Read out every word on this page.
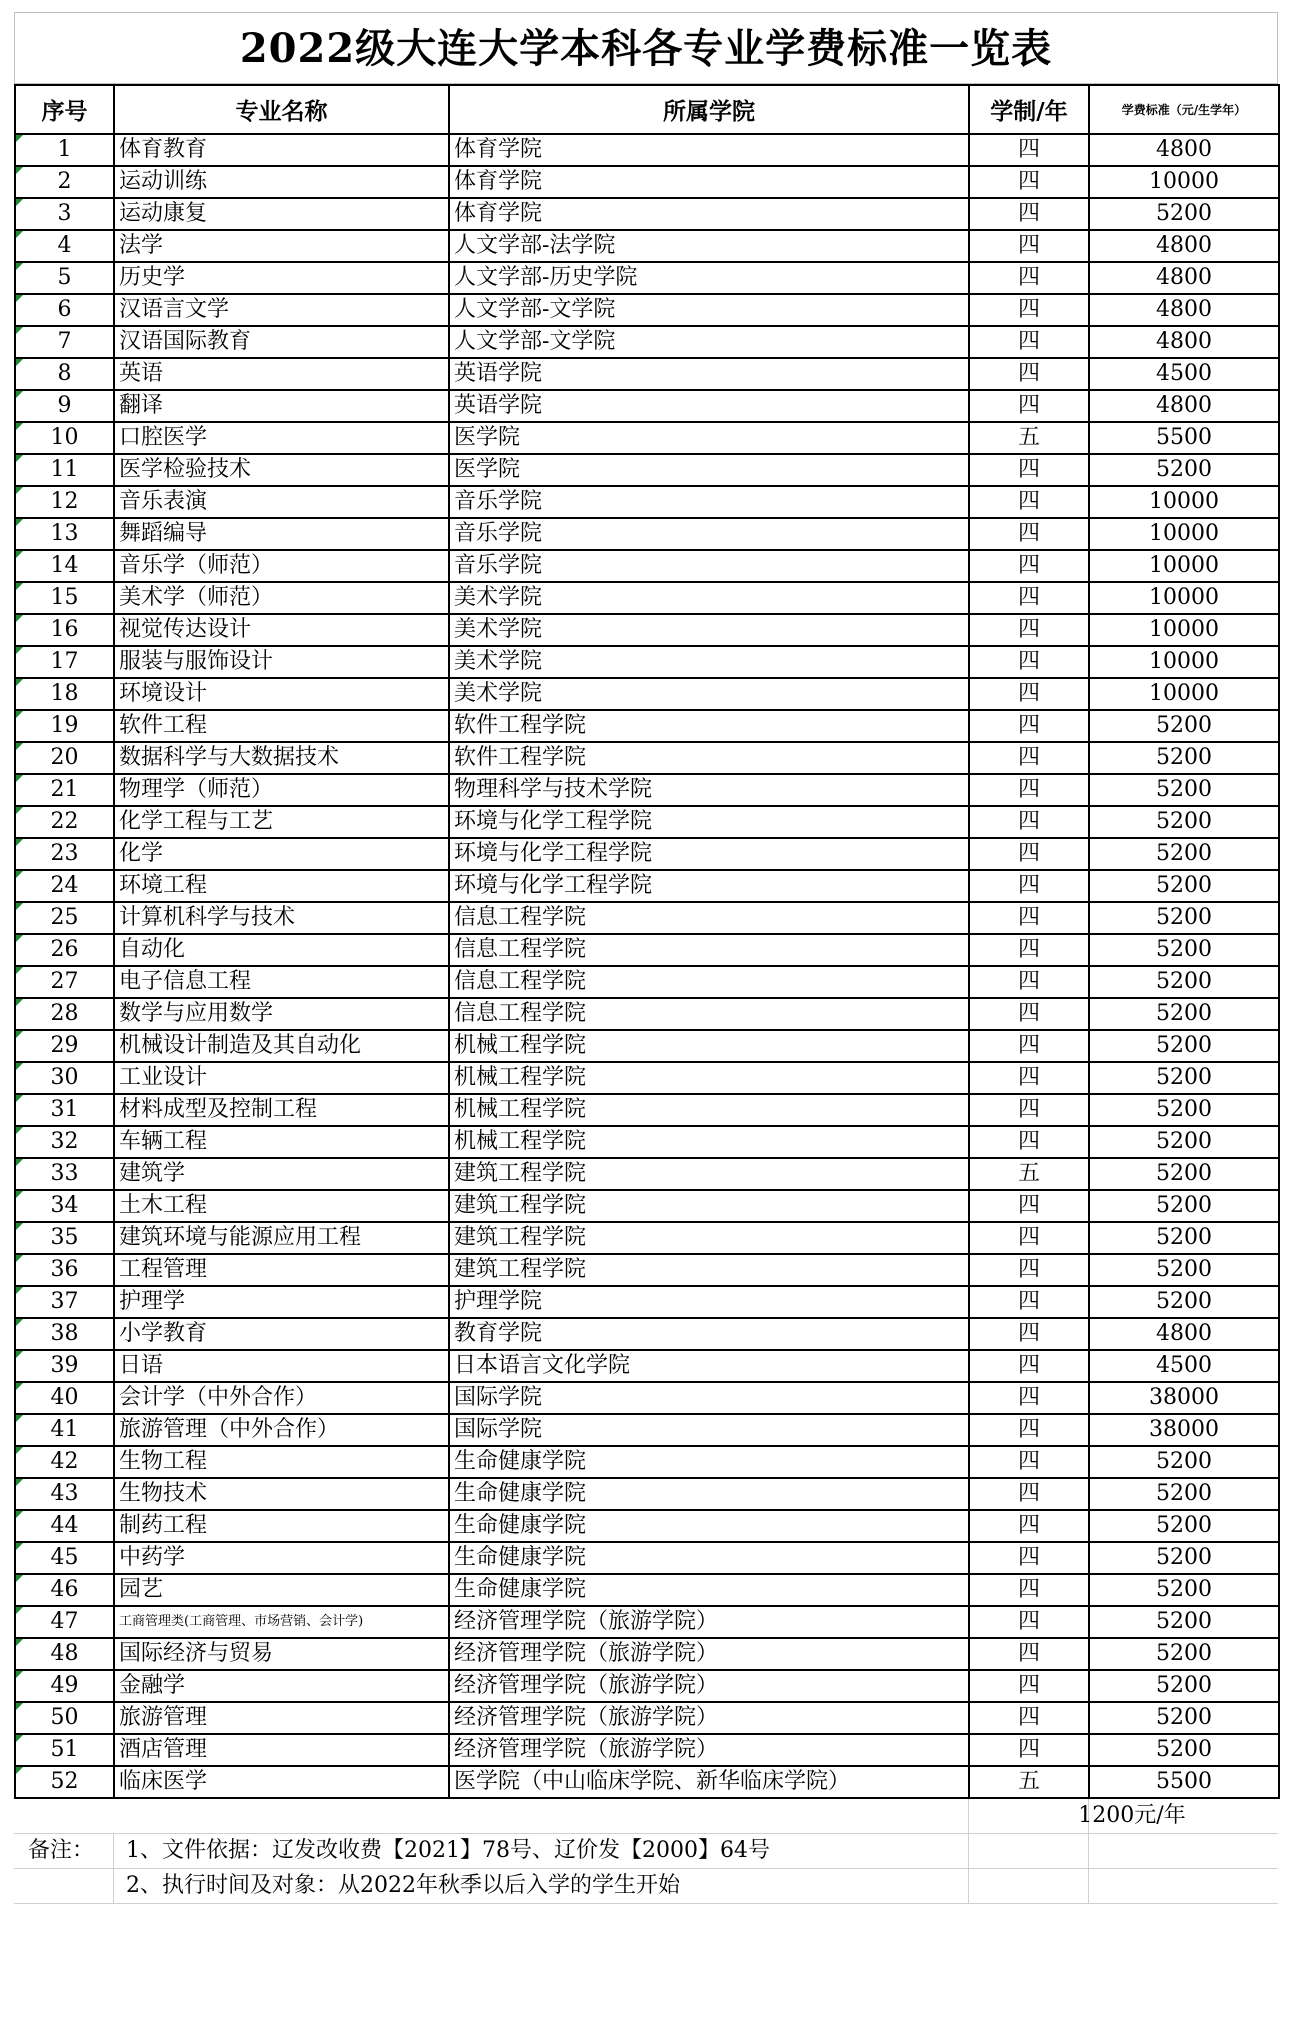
2022级大连大学本科各专业学费标准一览表
序号	专业名称	所属学院	学制/年	学费标准（元/生学年）
1	体育教育	体育学院	四	4800
2	运动训练	体育学院	四	10000
3	运动康复	体育学院	四	5200
4	法学	人文学部-法学院	四	4800
5	历史学	人文学部-历史学院	四	4800
6	汉语言文学	人文学部-文学院	四	4800
7	汉语国际教育	人文学部-文学院	四	4800
8	英语	英语学院	四	4500
9	翻译	英语学院	四	4800
10	口腔医学	医学院	五	5500
11	医学检验技术	医学院	四	5200
12	音乐表演	音乐学院	四	10000
13	舞蹈编导	音乐学院	四	10000
14	音乐学（师范）	音乐学院	四	10000
15	美术学（师范）	美术学院	四	10000
16	视觉传达设计	美术学院	四	10000
17	服装与服饰设计	美术学院	四	10000
18	环境设计	美术学院	四	10000
19	软件工程	软件工程学院	四	5200
20	数据科学与大数据技术	软件工程学院	四	5200
21	物理学（师范）	物理科学与技术学院	四	5200
22	化学工程与工艺	环境与化学工程学院	四	5200
23	化学	环境与化学工程学院	四	5200
24	环境工程	环境与化学工程学院	四	5200
25	计算机科学与技术	信息工程学院	四	5200
26	自动化	信息工程学院	四	5200
27	电子信息工程	信息工程学院	四	5200
28	数学与应用数学	信息工程学院	四	5200
29	机械设计制造及其自动化	机械工程学院	四	5200
30	工业设计	机械工程学院	四	5200
31	材料成型及控制工程	机械工程学院	四	5200
32	车辆工程	机械工程学院	四	5200
33	建筑学	建筑工程学院	五	5200
34	土木工程	建筑工程学院	四	5200
35	建筑环境与能源应用工程	建筑工程学院	四	5200
36	工程管理	建筑工程学院	四	5200
37	护理学	护理学院	四	5200
38	小学教育	教育学院	四	4800
39	日语	日本语言文化学院	四	4500
40	会计学（中外合作）	国际学院	四	38000
41	旅游管理（中外合作）	国际学院	四	38000
42	生物工程	生命健康学院	四	5200
43	生物技术	生命健康学院	四	5200
44	制药工程	生命健康学院	四	5200
45	中药学	生命健康学院	四	5200
46	园艺	生命健康学院	四	5200
47	工商管理类(工商管理、市场营销、会计学)	经济管理学院（旅游学院）	四	5200
48	国际经济与贸易	经济管理学院（旅游学院）	四	5200
49	金融学	经济管理学院（旅游学院）	四	5200
50	旅游管理	经济管理学院（旅游学院）	四	5200
51	酒店管理	经济管理学院（旅游学院）	四	5200
52	临床医学	医学院（中山临床学院、新华临床学院）	五	5500
1200元/年
备注： 1、文件依据：辽发改收费【2021】78号、辽价发【2000】64号
2、执行时间及对象：从2022年秋季以后入学的学生开始
